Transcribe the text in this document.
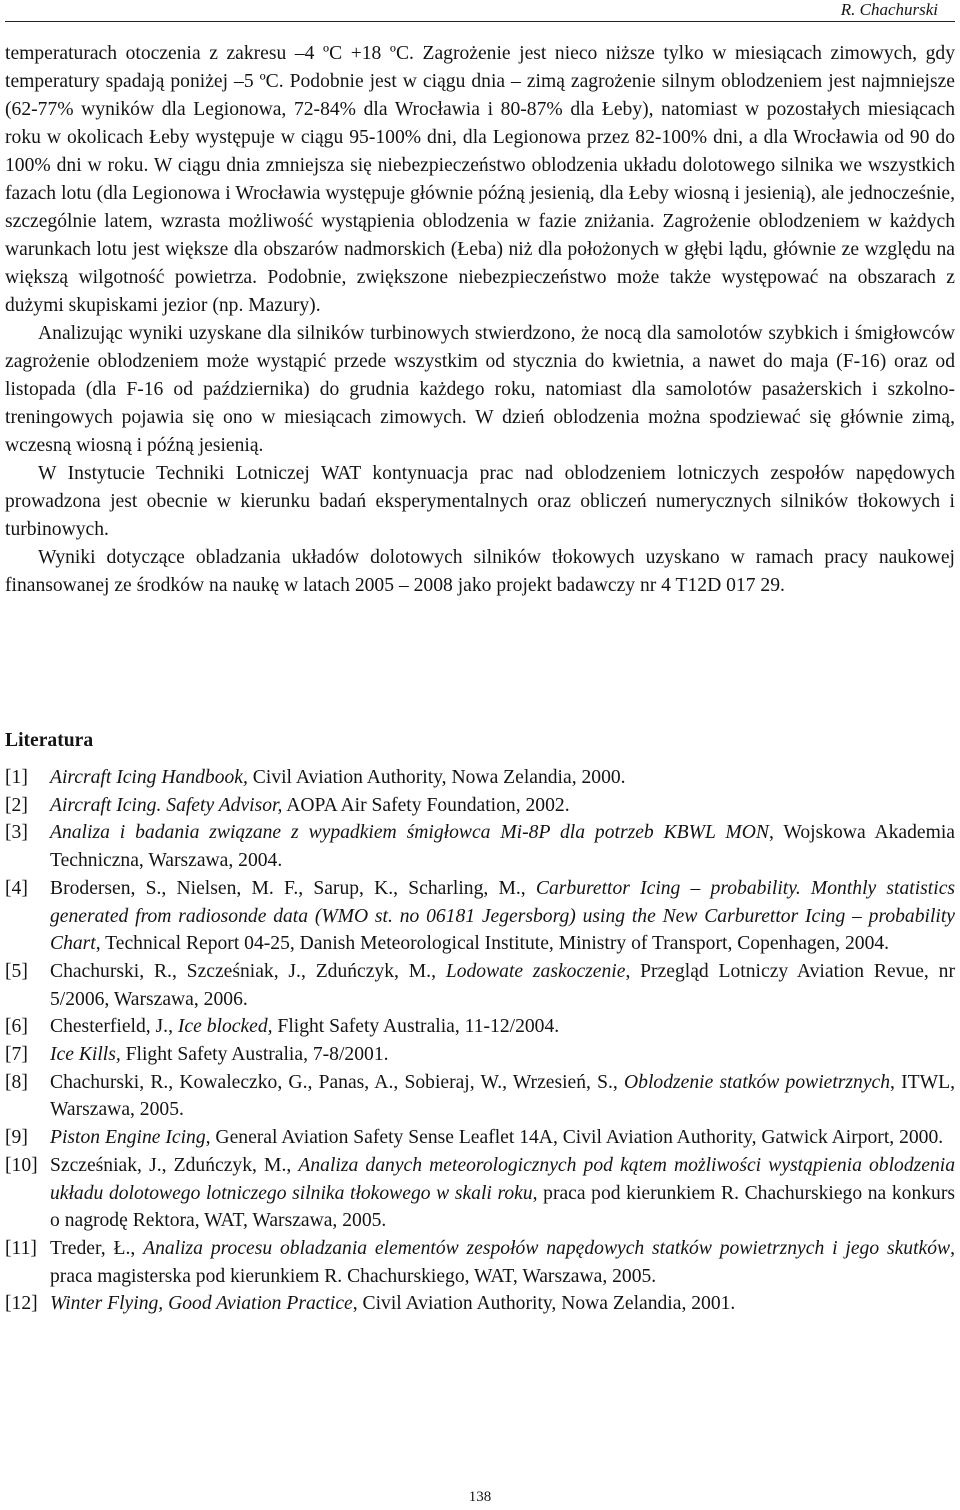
R. Chachurski

temperaturach otoczenia z zakresu –4 ºC +18 ºC. Zagrożenie jest nieco niższe tylko w miesiącach zimowych, gdy temperatury spadają poniżej –5 ºC. Podobnie jest w ciągu dnia – zimą zagrożenie silnym oblodzeniem jest najmniejsze (62-77% wyników dla Legionowa, 72-84% dla Wrocławia i 80-87% dla Łeby), natomiast w pozostałych miesiącach roku w okolicach Łeby występuje w ciągu 95-100% dni, dla Legionowa przez 82-100% dni, a dla Wrocławia od 90 do 100% dni w roku. W ciągu dnia zmniejsza się niebezpieczeństwo oblodzenia układu dolotowego silnika we wszystkich fazach lotu (dla Legionowa i Wrocławia występuje głównie późną jesienią, dla Łeby wiosną i jesienią), ale jednocześnie, szczególnie latem, wzrasta możliwość wystąpienia oblodzenia w fazie zniżania. Zagrożenie oblodzeniem w każdych warunkach lotu jest większe dla obszarów nadmorskich (Łeba) niż dla położonych w głębi lądu, głównie ze względu na większą wilgotność powietrza. Podobnie, zwiększone niebezpieczeństwo może także występować na obszarach z dużymi skupiskami jezior (np. Mazury).

Analizując wyniki uzyskane dla silników turbinowych stwierdzono, że nocą dla samolotów szybkich i śmigłowców zagrożenie oblodzeniem może wystąpić przede wszystkim od stycznia do kwietnia, a nawet do maja (F-16) oraz od listopada (dla F-16 od października) do grudnia każdego roku, natomiast dla samolotów pasażerskich i szkolno-treningowych pojawia się ono w miesiącach zimowych. W dzień oblodzenia można spodziewać się głównie zimą, wczesną wiosną i późną jesienią.

W Instytucie Techniki Lotniczej WAT kontynuacja prac nad oblodzeniem lotniczych zespołów napędowych prowadzona jest obecnie w kierunku badań eksperymentalnych oraz obliczeń numerycznych silników tłokowych i turbinowych.

Wyniki dotyczące obladzania układów dolotowych silników tłokowych uzyskano w ramach pracy naukowej finansowanej ze środków na naukę w latach 2005 – 2008 jako projekt badawczy nr 4 T12D 017 29.

Literatura
[1]	Aircraft Icing Handbook, Civil Aviation Authority, Nowa Zelandia, 2000.
[2]	Aircraft Icing. Safety Advisor, AOPA Air Safety Foundation, 2002.
[3]	Analiza i badania związane z wypadkiem śmigłowca Mi-8P dla potrzeb KBWL MON, Wojskowa Akademia Techniczna, Warszawa, 2004.
[4]	Brodersen, S., Nielsen, M. F., Sarup, K., Scharling, M., Carburettor Icing – probability. Monthly statistics generated from radiosonde data (WMO st. no 06181 Jegersborg) using the New Carburettor Icing – probability Chart, Technical Report 04-25, Danish Meteorological Institute, Ministry of Transport, Copenhagen, 2004.
[5]	Chachurski, R., Szcześniak, J., Zduńczyk, M., Lodowate zaskoczenie, Przegląd Lotniczy Aviation Revue, nr 5/2006, Warszawa, 2006.
[6]	Chesterfield, J., Ice blocked, Flight Safety Australia, 11-12/2004.
[7]	Ice Kills, Flight Safety Australia, 7-8/2001.
[8]	Chachurski, R., Kowaleczko, G., Panas, A., Sobieraj, W., Wrzesień, S., Oblodzenie statków powietrznych, ITWL, Warszawa, 2005.
[9]	Piston Engine Icing, General Aviation Safety Sense Leaflet 14A, Civil Aviation Authority, Gatwick Airport, 2000.
[10] Szcześniak, J., Zduńczyk, M., Analiza danych meteorologicznych pod kątem możliwości wystąpienia oblodzenia układu dolotowego lotniczego silnika tłokowego w skali roku, praca pod kierunkiem R. Chachurskiego na konkurs o nagrodę Rektora, WAT, Warszawa, 2005.
[11] Treder, Ł., Analiza procesu obladzania elementów zespołów napędowych statków powietrznych i jego skutków, praca magisterska pod kierunkiem R. Chachurskiego, WAT, Warszawa, 2005.
[12] Winter Flying, Good Aviation Practice, Civil Aviation Authority, Nowa Zelandia, 2001.
138
